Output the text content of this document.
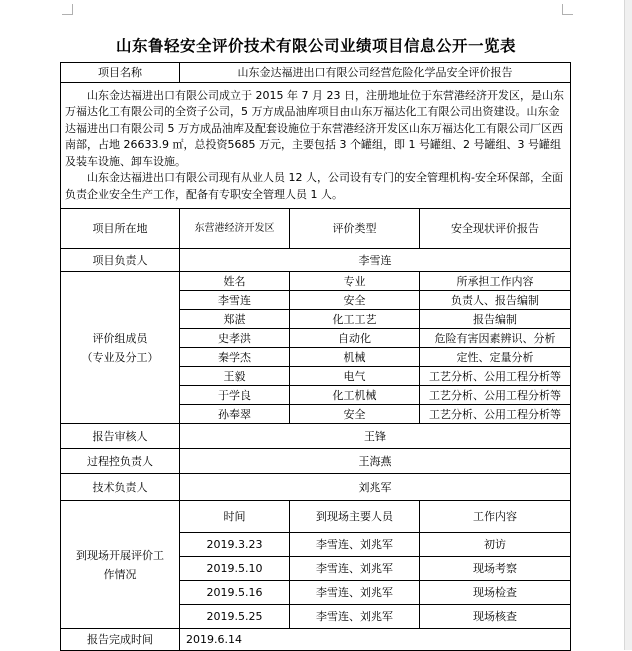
山东鲁轻安全评价技术有限公司业绩项目信息公开一览表
项目名称	山东金达福进出口有限公司经营危险化学品安全评价报告		

山东金达福进出口有限公司成立于 2015 年 7 月 23 日，注册地址位于东营港经济开发区，是山东万福达化工有限公司的全资子公司，5 万方成品油库项目由山东万福达化工有限公司出资建设。山东金达福进出口有限公司 5 万方成品油库及配套设施位于东营港经济开发区山东万福达化工有限公司厂区西南部，占地 26633.9 ㎡，总投资5685 万元，主要包括 3 个罐组，即 1 号罐组、2 号罐组、3 号罐组及装车设施、卸车设施。

山东金达福进出口有限公司现有从业人员 12 人，公司设有专门的安全管理机构-安全环保部，全面负责企业安全生产工作，配备有专职安全管理人员 1 人。			

项目所在地	东营港经济开发区	评价类型	安全现状评价报告
项目负责人	李雪连		
评价组成员
（专业及分工）	姓名	专业	所承担工作内容
	李雪连	安全	负责人、报告编制
	郑湛	化工工艺	报告编制
	史孝洪	自动化	危险有害因素辨识、分析
	秦学杰	机械	定性、定量分析
	王毅	电气	工艺分析、公用工程分析等
	于学良	化工机械	工艺分析、公用工程分析等
	孙奉翠	安全	工艺分析、公用工程分析等
报告审核人	王锋		
过程控负责人	王海燕		
技术负责人	刘兆军		
到现场开展评价工
作情况	时间	到现场主要人员	工作内容
	2019.3.23	李雪连、刘兆军	初访
	2019.5.10	李雪连、刘兆军	现场考察
	2019.5.16	李雪连、刘兆军	现场检查
	2019.5.25	李雪连、刘兆军	现场核查
报告完成时间	2019.6.14		
